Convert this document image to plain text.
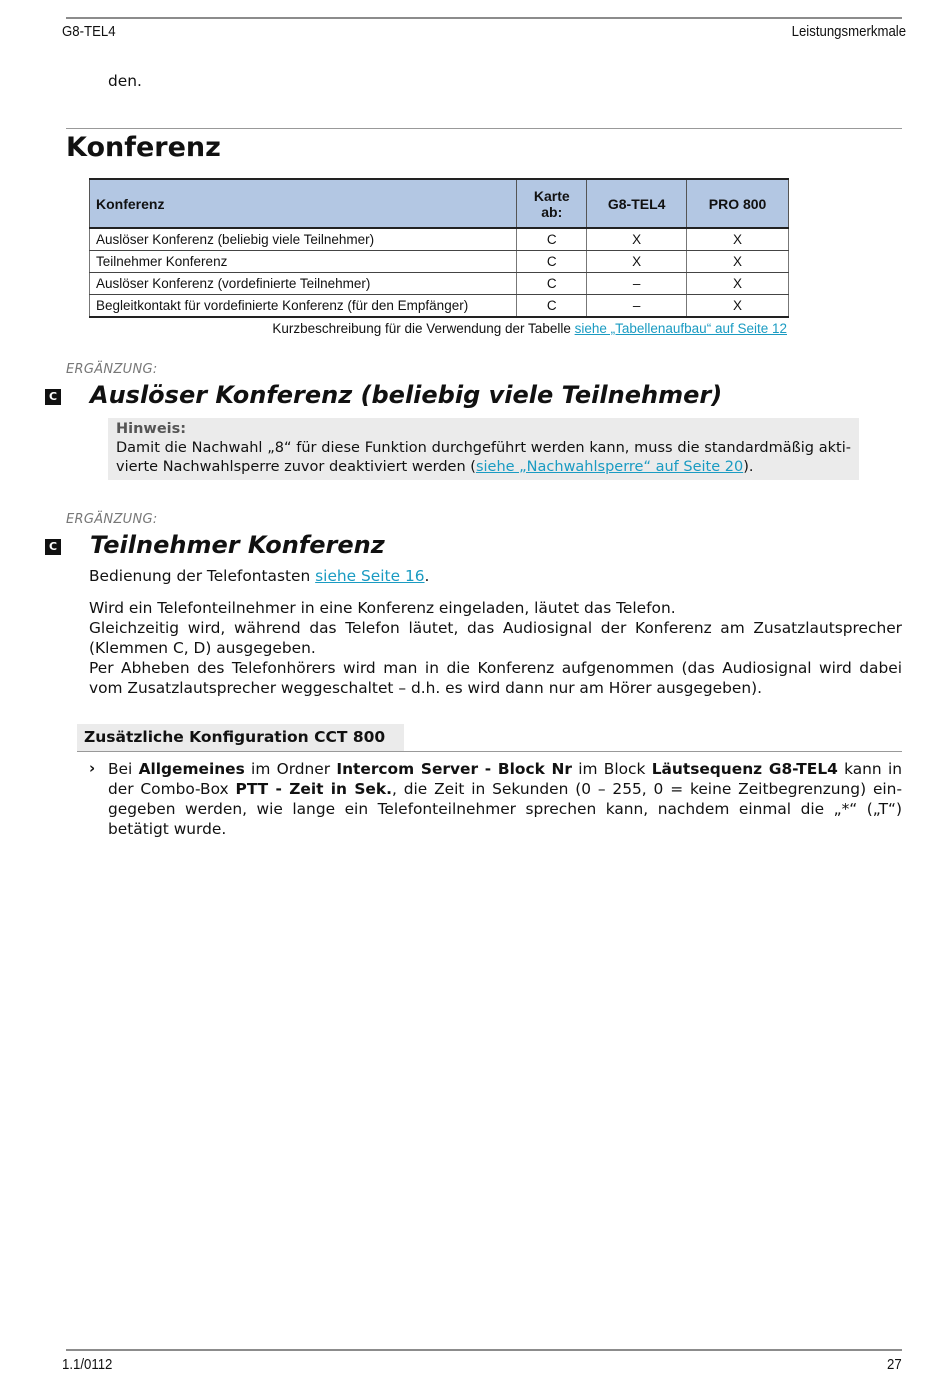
G8-TEL4	Leistungsmerkmale
den.
Konferenz
Konferenz	Karte ab:	G8-TEL4	PRO 800
Auslöser Konferenz (beliebig viele Teilnehmer)	C	X	X
Teilnehmer Konferenz	C	X	X
Auslöser Konferenz (vordefinierte Teilnehmer)	C	–	X
Begleitkontakt für vordefinierte Konferenz (für den Empfänger)	C	–	X
Kurzbeschreibung für die Verwendung der Tabelle siehe „Tabellenaufbau“ auf Seite 12
ERGÄNZUNG:
C Auslöser Konferenz (beliebig viele Teilnehmer)
Hinweis:
Damit die Nachwahl „8“ für diese Funktion durchgeführt werden kann, muss die standardmäßig akti- vierte Nachwahlsperre zuvor deaktiviert werden (siehe „Nachwahlsperre“ auf Seite 20).
ERGÄNZUNG:
C Teilnehmer Konferenz
Bedienung der Telefontasten siehe Seite 16.
Wird ein Telefonteilnehmer in eine Konferenz eingeladen, läutet das Telefon.
Gleichzeitig wird, während das Telefon läutet, das Audiosignal der Konferenz am Zusatzlautsprecher (Klemmen C, D) ausgegeben.
Per Abheben des Telefonhörers wird man in die Konferenz aufgenommen (das Audiosignal wird dabei vom Zusatzlautsprecher weggeschaltet – d.h. es wird dann nur am Hörer ausgegeben).
Zusätzliche Konfiguration CCT 800
› Bei Allgemeines im Ordner Intercom Server - Block Nr im Block Läutsequenz G8-TEL4 kann in der Combo-Box PTT - Zeit in Sek., die Zeit in Sekunden (0 – 255, 0 = keine Zeitbegrenzung) ein- gegeben werden, wie lange ein Telefonteilnehmer sprechen kann, nachdem einmal die „*“ („T“) betätigt wurde.
1.1/0112	27
